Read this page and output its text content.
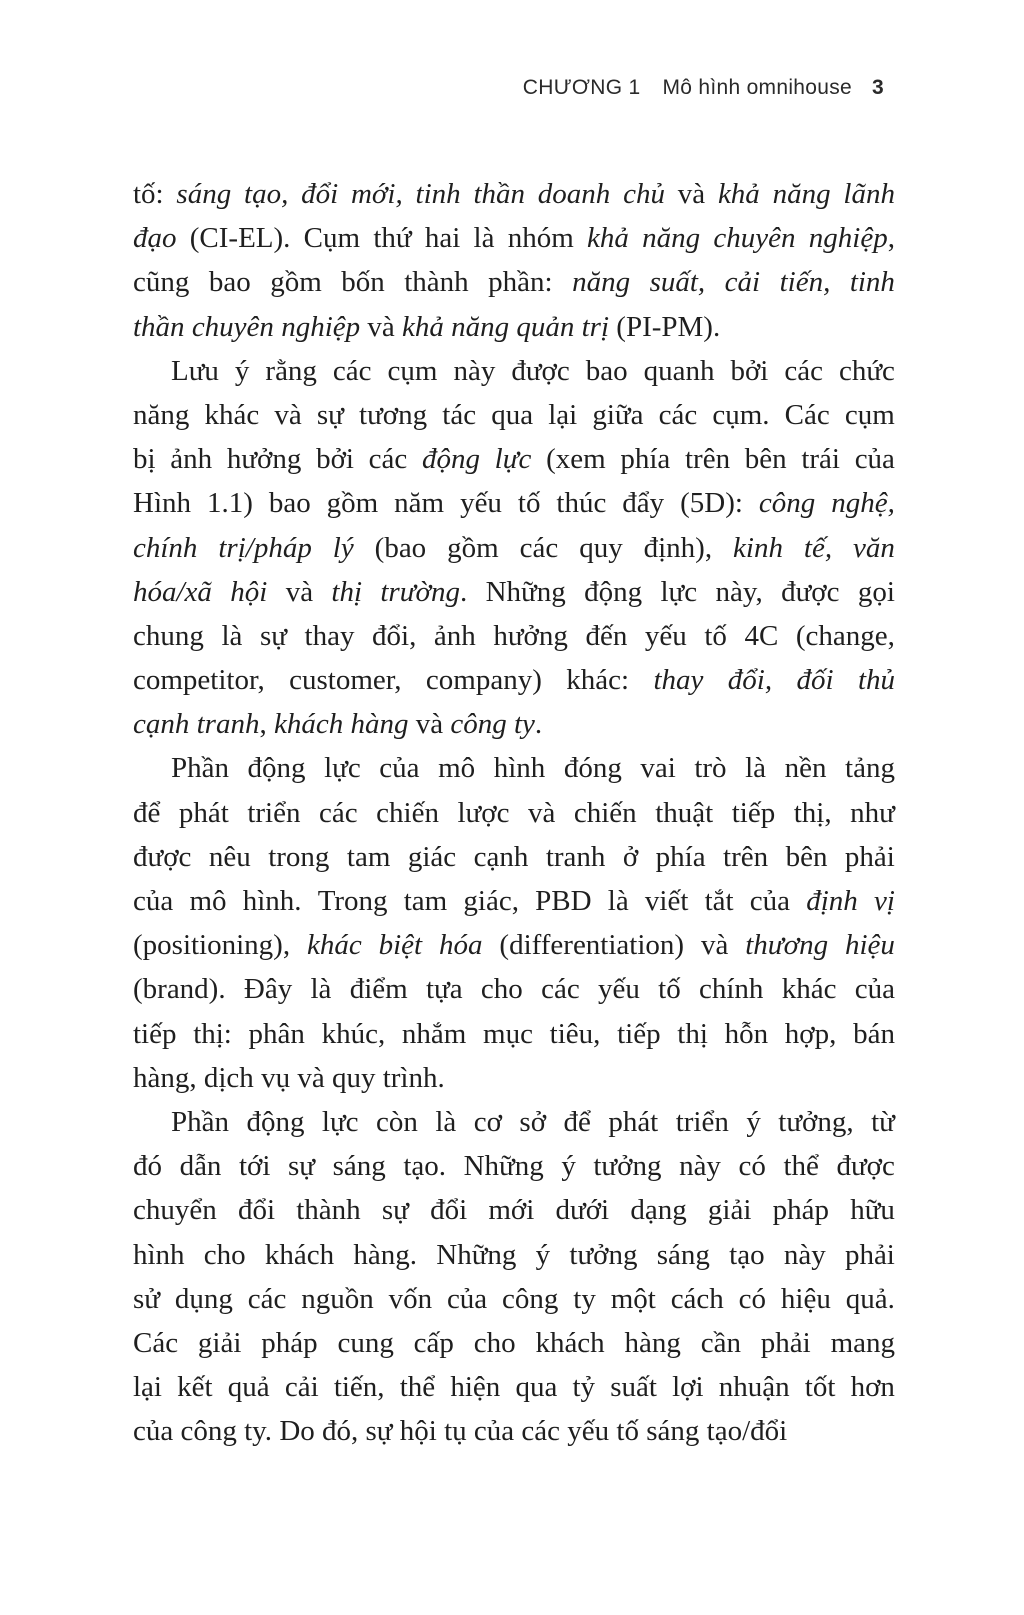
CHƯƠNG 1 Mô hình omnihouse 3
tố: sáng tạo, đổi mới, tinh thần doanh chủ và khả năng lãnh
đạo (CI-EL). Cụm thứ hai là nhóm khả năng chuyên nghiệp,
cũng bao gồm bốn thành phần: năng suất, cải tiến, tinh
thần chuyên nghiệp và khả năng quản trị (PI-PM).
Lưu ý rằng các cụm này được bao quanh bởi các chức
năng khác và sự tương tác qua lại giữa các cụm. Các cụm
bị ảnh hưởng bởi các động lực (xem phía trên bên trái của
Hình 1.1) bao gồm năm yếu tố thúc đẩy (5D): công nghệ,
chính trị/pháp lý (bao gồm các quy định), kinh tế, văn
hóa/xã hội và thị trường. Những động lực này, được gọi
chung là sự thay đổi, ảnh hưởng đến yếu tố 4C (change,
competitor, customer, company) khác: thay đổi, đối thủ
cạnh tranh, khách hàng và công ty.
Phần động lực của mô hình đóng vai trò là nền tảng
để phát triển các chiến lược và chiến thuật tiếp thị, như
được nêu trong tam giác cạnh tranh ở phía trên bên phải
của mô hình. Trong tam giác, PBD là viết tắt của định vị
(positioning), khác biệt hóa (differentiation) và thương hiệu
(brand). Đây là điểm tựa cho các yếu tố chính khác của
tiếp thị: phân khúc, nhắm mục tiêu, tiếp thị hỗn hợp, bán
hàng, dịch vụ và quy trình.
Phần động lực còn là cơ sở để phát triển ý tưởng, từ
đó dẫn tới sự sáng tạo. Những ý tưởng này có thể được
chuyển đổi thành sự đổi mới dưới dạng giải pháp hữu
hình cho khách hàng. Những ý tưởng sáng tạo này phải
sử dụng các nguồn vốn của công ty một cách có hiệu quả.
Các giải pháp cung cấp cho khách hàng cần phải mang
lại kết quả cải tiến, thể hiện qua tỷ suất lợi nhuận tốt hơn
của công ty. Do đó, sự hội tụ của các yếu tố sáng tạo/đổi
